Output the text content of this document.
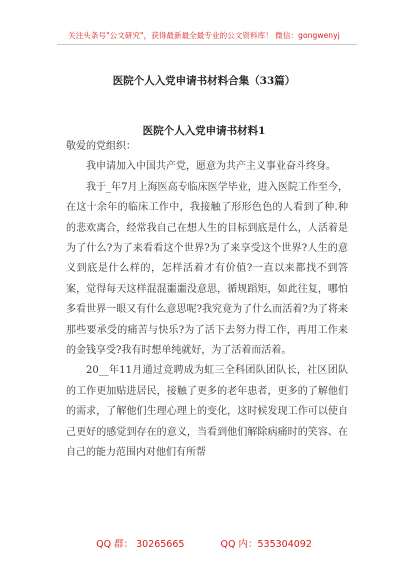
关注头条号"公文研究"，获得最新最全最专业的公文资料库！ 微信：gongwenyj
医院个人入党申请书材料合集（33篇）
医院个人入党申请书材料1

敬爱的党组织：

我申请加入中国共产党，愿意为共产主义事业奋斗终身。

我于_年7月上海医高专临床医学毕业，进入医院工作至今，在这十余年的临床工作中，我接触了形形色色的人看到了种.种的悲欢离合，经常我自己在想人生的目标到底是什么，人活着是为了什么?为了来看看这个世界?为了来享受这个世界?人生的意义到底是什么样的，怎样活着才有价值?一直以来都找不到答案，觉得每天这样混混噩噩没意思，循规蹈矩，如此往复，哪怕多看世界一眼又有什么意思呢?我究竟为了什么而活着?为了将来那些要承受的痛苦与快乐?为了活下去努力得工作，再用工作来的金钱享受?我有时想单纯就好，为了活着而活着。

20__年11月通过竞聘成为虹三全科团队团队长，社区团队的工作更加贴进居民，接触了更多的老年患者，更多的了解他们的需求，了解他们生理心理上的变化，这时候发现工作可以使自己更好的感觉到存在的意义，当看到他们解除病痛时的笑容、在自己的能力范围内对他们有所帮

QQ 群： 30265665	QQ 内：535304092
